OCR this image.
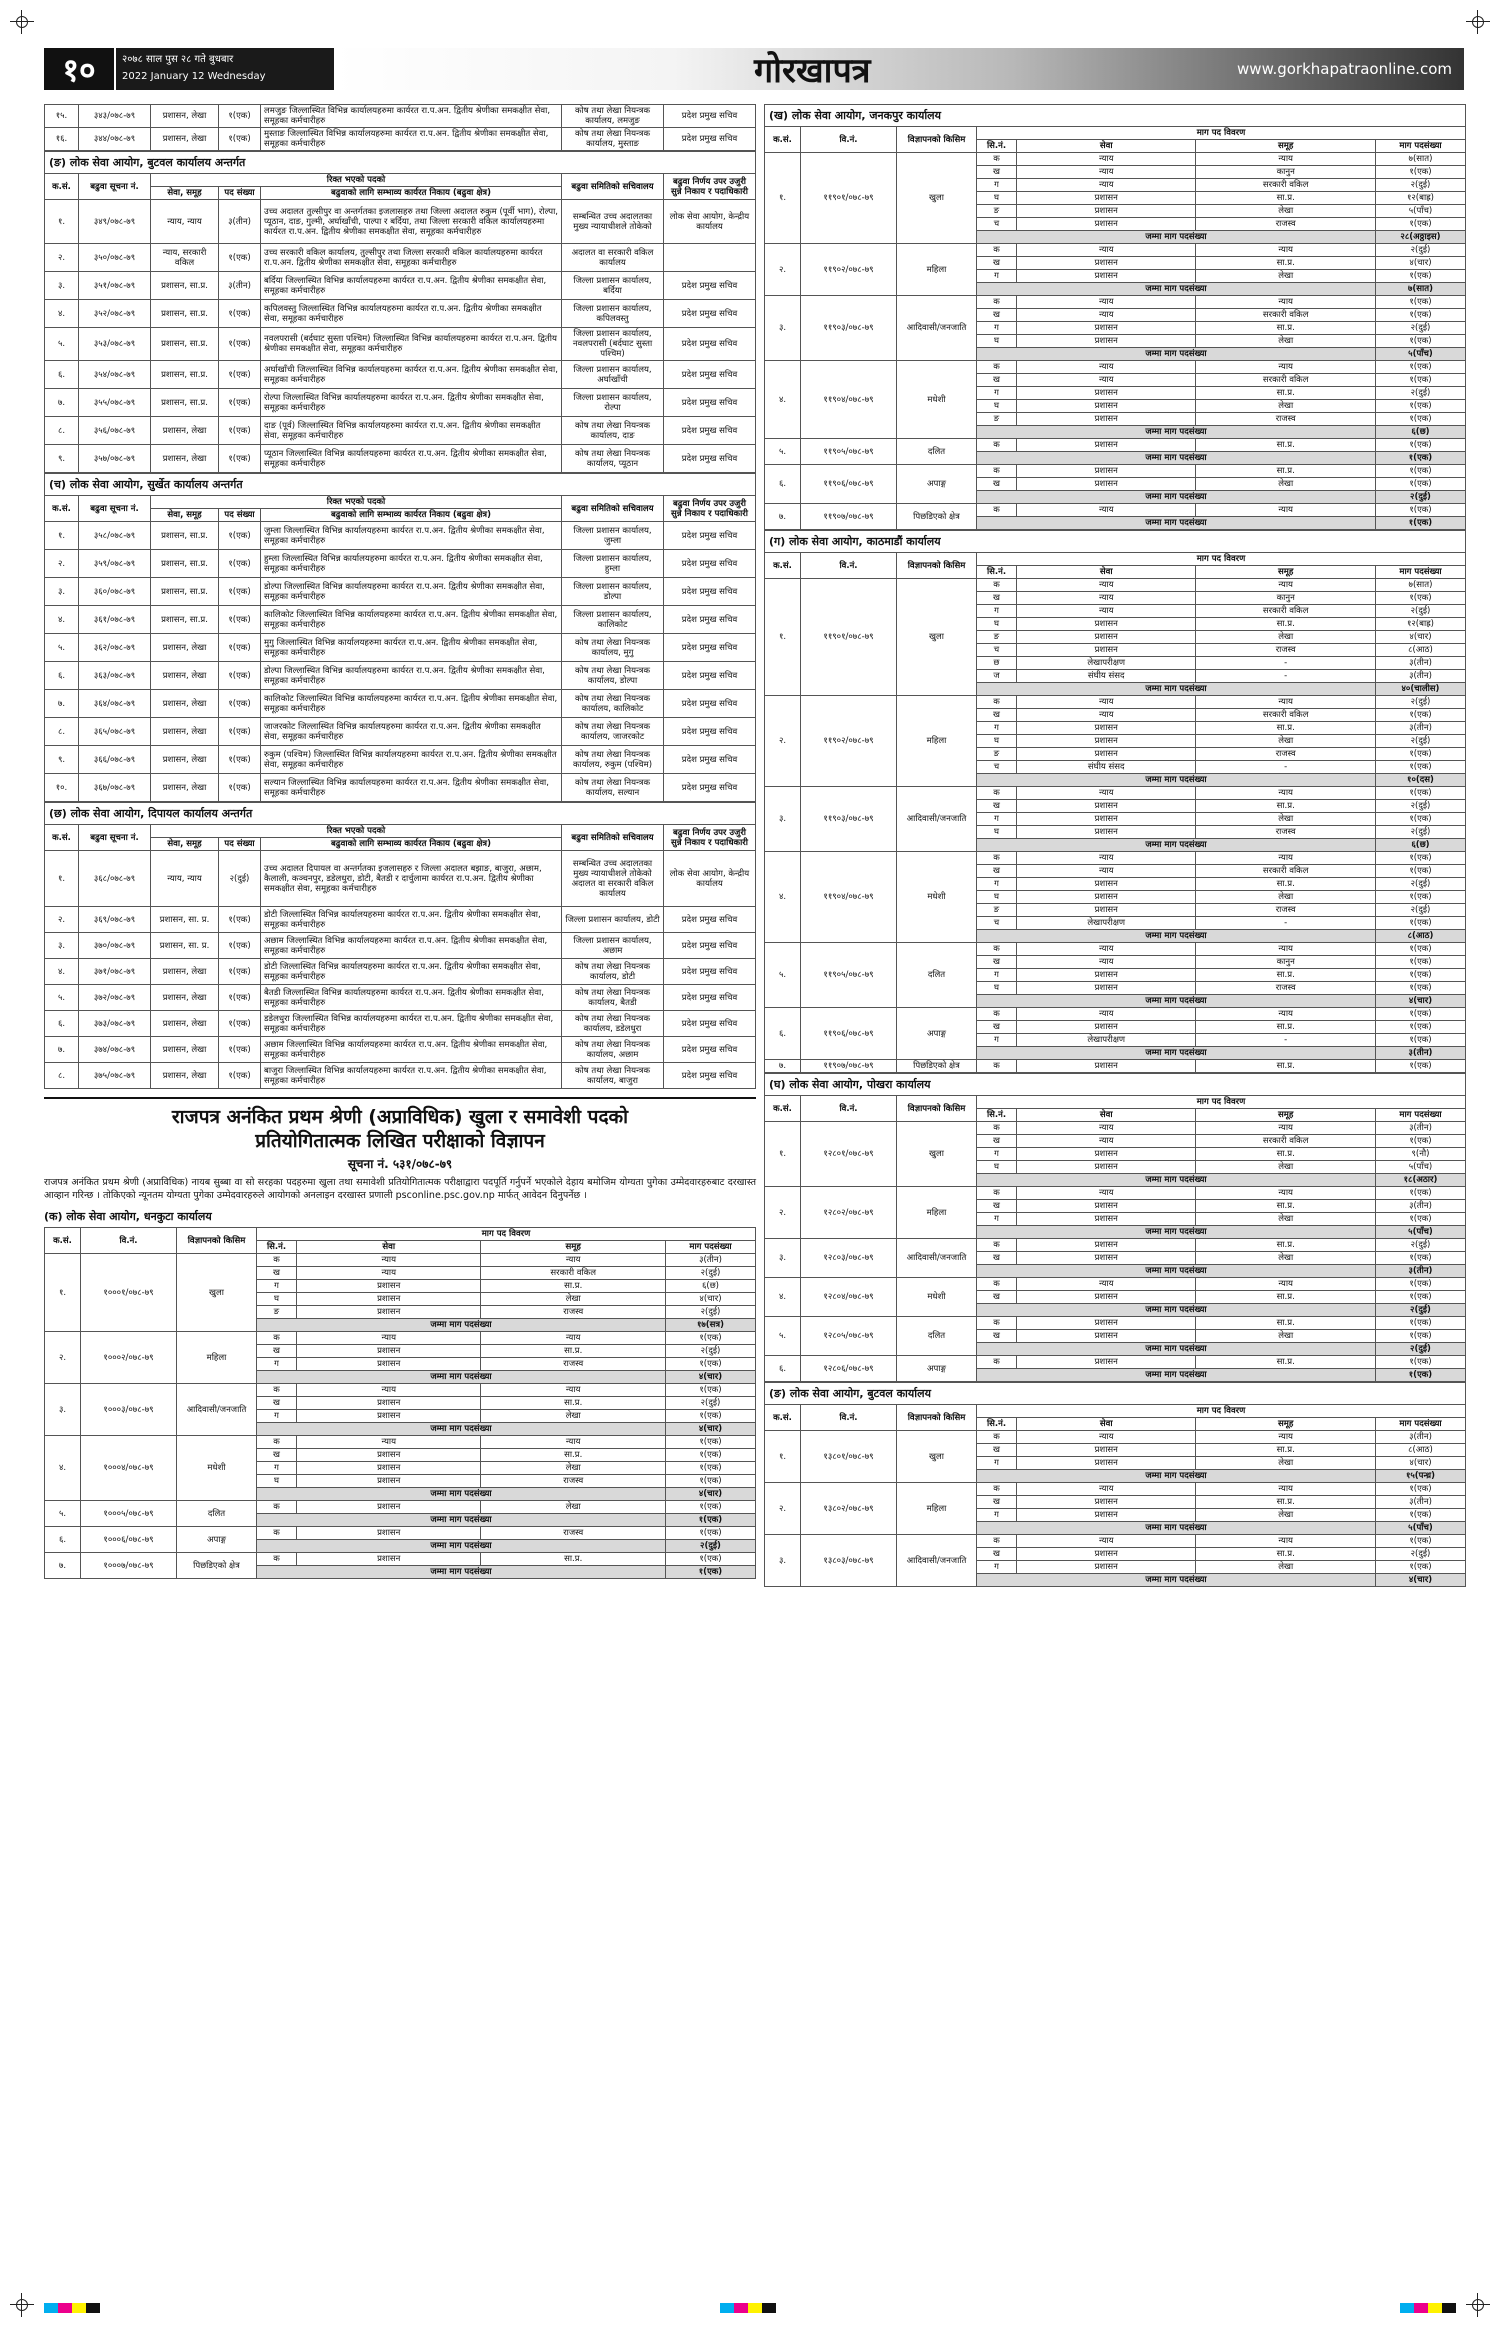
१०	२०७८ साल पुस २८ गते बुधबार
2022 January 12 Wednesday	गोरखापत्र	www.gorkhapatraonline.com
१५.	३४३/०७८-७९	प्रशासन, लेखा	१(एक)	लमजुङ जिल्लास्थित विभिन्न कार्यालयहरुमा कार्यरत रा.प.अन. द्वितीय श्रेणीका समकक्षीत सेवा, समूहका कर्मचारीहरु	कोष तथा लेखा नियन्त्रक कार्यालय, लमजुङ	प्रदेश प्रमुख सचिव
१६.	३४४/०७८-७९	प्रशासन, लेखा	१(एक)	मुस्ताङ जिल्लास्थित विभिन्न कार्यालयहरुमा कार्यरत रा.प.अन. द्वितीय श्रेणीका समकक्षीत सेवा, समूहका कर्मचारीहरु	कोष तथा लेखा नियन्त्रक कार्यालय, मुस्ताङ	प्रदेश प्रमुख सचिव
(ङ) लोक सेवा आयोग, बुटवल कार्यालय अन्तर्गत
क.सं.	बढुवा सूचना नं.	रिक्त भएको पदको			बढुवा समितिको सचिवालय	बढुवा निर्णय उपर उजुरी सुन्ने निकाय र पदाधिकारी
		सेवा, समूह	पद संख्या	बढुवाको लागि सम्भाव्य कार्यरत निकाय (बढुवा क्षेत्र)		
१.	३४९/०७८-७९	न्याय, न्याय	३(तीन)	उच्च अदालत तुल्सीपुर वा अन्तर्गतका इजलासहरु तथा जिल्ला अदालत रुकुम (पूर्वी भाग), रोल्पा, प्यूठान, दाङ, गुल्मी, अर्घाखाँची, पाल्पा र बर्दिया, तथा जिल्ला सरकारी वकिल कार्यालयहरुमा कार्यरत रा.प.अन. द्वितीय श्रेणीका समकक्षीत सेवा, समूहका कर्मचारीहरु	सम्बन्धित उच्च अदालतका मुख्य न्यायाधीशले तोकेको	लोक सेवा आयोग, केन्द्रीय कार्यालय
२.	३५०/०७८-७९	न्याय, सरकारी वकिल	१(एक)	उच्च सरकारी वकिल कार्यालय, तुल्सीपुर तथा जिल्ला सरकारी वकिल कार्यालयहरुमा कार्यरत रा.प.अन. द्वितीय श्रेणीका समकक्षीत सेवा, समूहका कर्मचारीहरु	अदालत वा सरकारी वकिल कार्यालय	
३.	३५१/०७८-७९	प्रशासन, सा.प्र.	३(तीन)	बर्दिया जिल्लास्थित विभिन्न कार्यालयहरुमा कार्यरत रा.प.अन. द्वितीय श्रेणीका समकक्षीत सेवा, समूहका कर्मचारीहरु	जिल्ला प्रशासन कार्यालय, बर्दिया	प्रदेश प्रमुख सचिव
४.	३५२/०७८-७९	प्रशासन, सा.प्र.	१(एक)	कपिलवस्तु जिल्लास्थित विभिन्न कार्यालयहरुमा कार्यरत रा.प.अन. द्वितीय श्रेणीका समकक्षीत सेवा, समूहका कर्मचारीहरु	जिल्ला प्रशासन कार्यालय, कपिलवस्तु	प्रदेश प्रमुख सचिव
५.	३५३/०७८-७९	प्रशासन, सा.प्र.	१(एक)	नवलपरासी (बर्दघाट सुस्ता पश्चिम) जिल्लास्थित विभिन्न कार्यालयहरुमा कार्यरत रा.प.अन. द्वितीय श्रेणीका समकक्षीत सेवा, समूहका कर्मचारीहरु	जिल्ला प्रशासन कार्यालय, नवलपरासी (बर्दघाट सुस्ता पश्चिम)	प्रदेश प्रमुख सचिव
६.	३५४/०७८-७९	प्रशासन, सा.प्र.	१(एक)	अर्घाखाँची जिल्लास्थित विभिन्न कार्यालयहरुमा कार्यरत रा.प.अन. द्वितीय श्रेणीका समकक्षीत सेवा, समूहका कर्मचारीहरु	जिल्ला प्रशासन कार्यालय, अर्घाखाँची	प्रदेश प्रमुख सचिव
७.	३५५/०७८-७९	प्रशासन, सा.प्र.	१(एक)	रोल्पा जिल्लास्थित विभिन्न कार्यालयहरुमा कार्यरत रा.प.अन. द्वितीय श्रेणीका समकक्षीत सेवा, समूहका कर्मचारीहरु	जिल्ला प्रशासन कार्यालय, रोल्पा	प्रदेश प्रमुख सचिव
८.	३५६/०७८-७९	प्रशासन, लेखा	१(एक)	दाङ (पूर्व) जिल्लास्थित विभिन्न कार्यालयहरुमा कार्यरत रा.प.अन. द्वितीय श्रेणीका समकक्षीत सेवा, समूहका कर्मचारीहरु	कोष तथा लेखा नियन्त्रक कार्यालय, दाङ	प्रदेश प्रमुख सचिव
९.	३५७/०७८-७९	प्रशासन, लेखा	१(एक)	प्यूठान जिल्लास्थित विभिन्न कार्यालयहरुमा कार्यरत रा.प.अन. द्वितीय श्रेणीका समकक्षीत सेवा, समूहका कर्मचारीहरु	कोष तथा लेखा नियन्त्रक कार्यालय, प्यूठान	प्रदेश प्रमुख सचिव
(च) लोक सेवा आयोग, सुर्खेत कार्यालय अन्तर्गत
क.सं.	बढुवा सूचना नं.	रिक्त भएको पदको			बढुवा समितिको सचिवालय	बढुवा निर्णय उपर उजुरी सुन्ने निकाय र पदाधिकारी
		सेवा, समूह	पद संख्या	बढुवाको लागि सम्भाव्य कार्यरत निकाय (बढुवा क्षेत्र)		
१.	३५८/०७८-७९	प्रशासन, सा.प्र.	१(एक)	जुम्ला जिल्लास्थित विभिन्न कार्यालयहरुमा कार्यरत रा.प.अन. द्वितीय श्रेणीका समकक्षीत सेवा, समूहका कर्मचारीहरु	जिल्ला प्रशासन कार्यालय, जुम्ला	प्रदेश प्रमुख सचिव
२.	३५९/०७८-७९	प्रशासन, सा.प्र.	१(एक)	हुम्ला जिल्लास्थित विभिन्न कार्यालयहरुमा कार्यरत रा.प.अन. द्वितीय श्रेणीका समकक्षीत सेवा, समूहका कर्मचारीहरु	जिल्ला प्रशासन कार्यालय, हुम्ला	प्रदेश प्रमुख सचिव
३.	३६०/०७८-७९	प्रशासन, सा.प्र.	१(एक)	डोल्पा जिल्लास्थित विभिन्न कार्यालयहरुमा कार्यरत रा.प.अन. द्वितीय श्रेणीका समकक्षीत सेवा, समूहका कर्मचारीहरु	जिल्ला प्रशासन कार्यालय, डोल्पा	प्रदेश प्रमुख सचिव
४.	३६१/०७८-७९	प्रशासन, सा.प्र.	१(एक)	कालिकोट जिल्लास्थित विभिन्न कार्यालयहरुमा कार्यरत रा.प.अन. द्वितीय श्रेणीका समकक्षीत सेवा, समूहका कर्मचारीहरु	जिल्ला प्रशासन कार्यालय, कालिकोट	प्रदेश प्रमुख सचिव
५.	३६२/०७८-७९	प्रशासन, लेखा	१(एक)	मुगु जिल्लास्थित विभिन्न कार्यालयहरुमा कार्यरत रा.प.अन. द्वितीय श्रेणीका समकक्षीत सेवा, समूहका कर्मचारीहरु	कोष तथा लेखा नियन्त्रक कार्यालय, मुगु	प्रदेश प्रमुख सचिव
६.	३६३/०७८-७९	प्रशासन, लेखा	१(एक)	डोल्पा जिल्लास्थित विभिन्न कार्यालयहरुमा कार्यरत रा.प.अन. द्वितीय श्रेणीका समकक्षीत सेवा, समूहका कर्मचारीहरु	कोष तथा लेखा नियन्त्रक कार्यालय, डोल्पा	प्रदेश प्रमुख सचिव
७.	३६४/०७८-७९	प्रशासन, लेखा	१(एक)	कालिकोट जिल्लास्थित विभिन्न कार्यालयहरुमा कार्यरत रा.प.अन. द्वितीय श्रेणीका समकक्षीत सेवा, समूहका कर्मचारीहरु	कोष तथा लेखा नियन्त्रक कार्यालय, कालिकोट	प्रदेश प्रमुख सचिव
८.	३६५/०७८-७९	प्रशासन, लेखा	१(एक)	जाजरकोट जिल्लास्थित विभिन्न कार्यालयहरुमा कार्यरत रा.प.अन. द्वितीय श्रेणीका समकक्षीत सेवा, समूहका कर्मचारीहरु	कोष तथा लेखा नियन्त्रक कार्यालय, जाजरकोट	प्रदेश प्रमुख सचिव
९.	३६६/०७८-७९	प्रशासन, लेखा	१(एक)	रुकुम (पश्चिम) जिल्लास्थित विभिन्न कार्यालयहरुमा कार्यरत रा.प.अन. द्वितीय श्रेणीका समकक्षीत सेवा, समूहका कर्मचारीहरु	कोष तथा लेखा नियन्त्रक कार्यालय, रुकुम (पश्चिम)	प्रदेश प्रमुख सचिव
१०.	३६७/०७८-७९	प्रशासन, लेखा	१(एक)	सल्यान जिल्लास्थित विभिन्न कार्यालयहरुमा कार्यरत रा.प.अन. द्वितीय श्रेणीका समकक्षीत सेवा, समूहका कर्मचारीहरु	कोष तथा लेखा नियन्त्रक कार्यालय, सल्यान	प्रदेश प्रमुख सचिव
(छ) लोक सेवा आयोग, दिपायल कार्यालय अन्तर्गत
क.सं.	बढुवा सूचना नं.	रिक्त भएको पदको			बढुवा समितिको सचिवालय	बढुवा निर्णय उपर उजुरी सुन्ने निकाय र पदाधिकारी
		सेवा, समूह	पद संख्या	बढुवाको लागि सम्भाव्य कार्यरत निकाय (बढुवा क्षेत्र)		
१.	३६८/०७८-७९	न्याय, न्याय	२(दुई)	उच्च अदालत दिपायल वा अन्तर्गतका इजलासहरु र जिल्ला अदालत बझाङ, बाजुरा, अछाम, कैलाली, कञ्चनपुर, डडेलधुरा, डोटी, बैतडी र दार्चुलामा कार्यरत रा.प.अन. द्वितीय श्रेणीका समकक्षीत सेवा, समूहका कर्मचारीहरु	सम्बन्धित उच्च अदालतका मुख्य न्यायाधीशले तोकेको अदालत वा सरकारी वकिल कार्यालय	लोक सेवा आयोग, केन्द्रीय कार्यालय
२.	३६९/०७८-७९	प्रशासन, सा. प्र.	१(एक)	डोटी जिल्लास्थित विभिन्न कार्यालयहरुमा कार्यरत रा.प.अन. द्वितीय श्रेणीका समकक्षीत सेवा, समूहका कर्मचारीहरु	जिल्ला प्रशासन कार्यालय, डोटी	प्रदेश प्रमुख सचिव
३.	३७०/०७८-७९	प्रशासन, सा. प्र.	१(एक)	अछाम जिल्लास्थित विभिन्न कार्यालयहरुमा कार्यरत रा.प.अन. द्वितीय श्रेणीका समकक्षीत सेवा, समूहका कर्मचारीहरु	जिल्ला प्रशासन कार्यालय, अछाम	प्रदेश प्रमुख सचिव
४.	३७१/०७८-७९	प्रशासन, लेखा	१(एक)	डोटी जिल्लास्थित विभिन्न कार्यालयहरुमा कार्यरत रा.प.अन. द्वितीय श्रेणीका समकक्षीत सेवा, समूहका कर्मचारीहरु	कोष तथा लेखा नियन्त्रक कार्यालय, डोटी	प्रदेश प्रमुख सचिव
५.	३७२/०७८-७९	प्रशासन, लेखा	१(एक)	बैतडी जिल्लास्थित विभिन्न कार्यालयहरुमा कार्यरत रा.प.अन. द्वितीय श्रेणीका समकक्षीत सेवा, समूहका कर्मचारीहरु	कोष तथा लेखा नियन्त्रक कार्यालय, बैतडी	प्रदेश प्रमुख सचिव
६.	३७३/०७८-७९	प्रशासन, लेखा	१(एक)	डडेलधुरा जिल्लास्थित विभिन्न कार्यालयहरुमा कार्यरत रा.प.अन. द्वितीय श्रेणीका समकक्षीत सेवा, समूहका कर्मचारीहरु	कोष तथा लेखा नियन्त्रक कार्यालय, डडेलधुरा	प्रदेश प्रमुख सचिव
७.	३७४/०७८-७९	प्रशासन, लेखा	१(एक)	अछाम जिल्लास्थित विभिन्न कार्यालयहरुमा कार्यरत रा.प.अन. द्वितीय श्रेणीका समकक्षीत सेवा, समूहका कर्मचारीहरु	कोष तथा लेखा नियन्त्रक कार्यालय, अछाम	प्रदेश प्रमुख सचिव
८.	३७५/०७८-७९	प्रशासन, लेखा	१(एक)	बाजुरा जिल्लास्थित विभिन्न कार्यालयहरुमा कार्यरत रा.प.अन. द्वितीय श्रेणीका समकक्षीत सेवा, समूहका कर्मचारीहरु	कोष तथा लेखा नियन्त्रक कार्यालय, बाजुरा	प्रदेश प्रमुख सचिव
राजपत्र अनंकित प्रथम श्रेणी (अप्राविधिक) खुला र समावेशी पदको
प्रतियोगितात्मक लिखित परीक्षाको विज्ञापन
सूचना नं. ५३१/०७८-७९
राजपत्र अनंकित प्रथम श्रेणी (अप्राविधिक) नायब सुब्बा वा सो सरहका पदहरुमा खुला तथा समावेशी प्रतियोगितात्मक परीक्षाद्वारा पदपूर्ति गर्नुपर्ने भएकोले देहाय बमोजिम योग्यता पुगेका उम्मेदवारहरुबाट दरखास्त आव्हान गरिन्छ । तोकिएको न्यूनतम योग्यता पुगेका उम्मेदवारहरुले आयोगको अनलाइन दरखास्त प्रणाली psconline.psc.gov.np मार्फत् आवेदन दिनुपर्नेछ ।
(क) लोक सेवा आयोग, धनकुटा कार्यालय
क.सं.	वि.नं.	विज्ञापनको किसिम	माग पद विवरण			
			सि.नं.	सेवा	समूह	माग पदसंख्या
१.	१०००१/०७८-७९	खुला	क	न्याय	न्याय	३(तीन)
			ख	न्याय	सरकारी वकिल	२(दुई)
			ग	प्रशासन	सा.प्र.	६(छ)
			घ	प्रशासन	लेखा	४(चार)
			ङ	प्रशासन	राजस्व	२(दुई)
			जम्मा माग पदसंख्या			१७(सत्र)
२.	१०००२/०७८-७९	महिला	क	न्याय	न्याय	१(एक)
			ख	प्रशासन	सा.प्र.	२(दुई)
			ग	प्रशासन	राजस्व	१(एक)
			जम्मा माग पदसंख्या			४(चार)
३.	१०००३/०७८-७९	आदिवासी/जनजाति	क	न्याय	न्याय	१(एक)
			ख	प्रशासन	सा.प्र.	२(दुई)
			ग	प्रशासन	लेखा	१(एक)
			जम्मा माग पदसंख्या			४(चार)
४.	१०००४/०७८-७९	मधेशी	क	न्याय	न्याय	१(एक)
			ख	प्रशासन	सा.प्र.	१(एक)
			ग	प्रशासन	लेखा	१(एक)
			घ	प्रशासन	राजस्व	१(एक)
			जम्मा माग पदसंख्या			४(चार)
५.	१०००५/०७८-७९	दलित	क	प्रशासन	लेखा	१(एक)
			जम्मा माग पदसंख्या			१(एक)
६.	१०००६/०७८-७९	अपाङ्ग	क	प्रशासन	राजस्व	१(एक)
			जम्मा माग पदसंख्या			२(दुई)
७.	१०००७/०७८-७९	पिछडिएको क्षेत्र	क	प्रशासन	सा.प्र.	१(एक)
			जम्मा माग पदसंख्या			१(एक)
(ख) लोक सेवा आयोग, जनकपुर कार्यालय
क.सं.	वि.नं.	विज्ञापनको किसिम	माग पद विवरण			
			सि.नं.	सेवा	समूह	माग पदसंख्या
१.	११९०१/०७८-७९	खुला	क	न्याय	न्याय	७(सात)
			ख	न्याय	कानुन	१(एक)
			ग	न्याय	सरकारी वकिल	२(दुई)
			घ	प्रशासन	सा.प्र.	१२(बाह्र)
			ङ	प्रशासन	लेखा	५(पाँच)
			च	प्रशासन	राजस्व	१(एक)
			जम्मा माग पदसंख्या			२८(अठ्ठाइस)
२.	११९०२/०७८-७९	महिला	क	न्याय	न्याय	२(दुई)
			ख	प्रशासन	सा.प्र.	४(चार)
			ग	प्रशासन	लेखा	१(एक)
			जम्मा माग पदसंख्या			७(सात)
३.	११९०३/०७८-७९	आदिवासी/जनजाति	क	न्याय	न्याय	१(एक)
			ख	न्याय	सरकारी वकिल	१(एक)
			ग	प्रशासन	सा.प्र.	२(दुई)
			घ	प्रशासन	लेखा	१(एक)
			जम्मा माग पदसंख्या			५(पाँच)
४.	११९०४/०७८-७९	मधेशी	क	न्याय	न्याय	१(एक)
			ख	न्याय	सरकारी वकिल	१(एक)
			ग	प्रशासन	सा.प्र.	२(दुई)
			घ	प्रशासन	लेखा	१(एक)
			ङ	प्रशासन	राजस्व	१(एक)
			जम्मा माग पदसंख्या			६(छ)
५.	११९०५/०७८-७९	दलित	क	प्रशासन	सा.प्र.	१(एक)
			जम्मा माग पदसंख्या			१(एक)
६.	११९०६/०७८-७९	अपाङ्ग	क	प्रशासन	सा.प्र.	१(एक)
			ख	प्रशासन	लेखा	१(एक)
			जम्मा माग पदसंख्या			२(दुई)
७.	११९०७/०७८-७९	पिछडिएको क्षेत्र	क	न्याय	न्याय	१(एक)
			जम्मा माग पदसंख्या			१(एक)
(ग) लोक सेवा आयोग, काठमाडौं कार्यालय
क.सं.	वि.नं.	विज्ञापनको किसिम	माग पद विवरण			
			सि.नं.	सेवा	समूह	माग पदसंख्या
१.	११९०१/०७८-७९	खुला	क	न्याय	न्याय	७(सात)
			ख	न्याय	कानुन	१(एक)
			ग	न्याय	सरकारी वकिल	२(दुई)
			घ	प्रशासन	सा.प्र.	१२(बाह्र)
			ङ	प्रशासन	लेखा	४(चार)
			च	प्रशासन	राजस्व	८(आठ)
			छ	लेखापरीक्षण	-	३(तीन)
			ज	संघीय संसद	-	३(तीन)
			जम्मा माग पदसंख्या			४०(चालीस)
२.	११९०२/०७८-७९	महिला	क	न्याय	न्याय	२(दुई)
			ख	न्याय	सरकारी वकिल	१(एक)
			ग	प्रशासन	सा.प्र.	३(तीन)
			घ	प्रशासन	लेखा	२(दुई)
			ङ	प्रशासन	राजस्व	१(एक)
			च	संघीय संसद	-	१(एक)
			जम्मा माग पदसंख्या			१०(दस)
३.	११९०३/०७८-७९	आदिवासी/जनजाति	क	न्याय	न्याय	१(एक)
			ख	प्रशासन	सा.प्र.	२(दुई)
			ग	प्रशासन	लेखा	१(एक)
			घ	प्रशासन	राजस्व	२(दुई)
			जम्मा माग पदसंख्या			६(छ)
४.	११९०४/०७८-७९	मधेशी	क	न्याय	न्याय	१(एक)
			ख	न्याय	सरकारी वकिल	१(एक)
			ग	प्रशासन	सा.प्र.	२(दुई)
			घ	प्रशासन	लेखा	१(एक)
			ङ	प्रशासन	राजस्व	२(दुई)
			च	लेखापरीक्षण	-	१(एक)
			जम्मा माग पदसंख्या			८(आठ)
५.	११९०५/०७८-७९	दलित	क	न्याय	न्याय	१(एक)
			ख	न्याय	कानुन	१(एक)
			ग	प्रशासन	सा.प्र.	१(एक)
			घ	प्रशासन	राजस्व	१(एक)
			जम्मा माग पदसंख्या			४(चार)
६.	११९०६/०७८-७९	अपाङ्ग	क	न्याय	न्याय	१(एक)
			ख	प्रशासन	सा.प्र.	१(एक)
			ग	लेखापरीक्षण	-	१(एक)
			जम्मा माग पदसंख्या			३(तीन)
७.	११९०७/०७८-७९	पिछडिएको क्षेत्र	क	प्रशासन	सा.प्र.	१(एक)
(घ) लोक सेवा आयोग, पोखरा कार्यालय
क.सं.	वि.नं.	विज्ञापनको किसिम	माग पद विवरण			
			सि.नं.	सेवा	समूह	माग पदसंख्या
१.	१२८०१/०७८-७९	खुला	क	न्याय	न्याय	३(तीन)
			ख	न्याय	सरकारी वकिल	१(एक)
			ग	प्रशासन	सा.प्र.	९(नौ)
			घ	प्रशासन	लेखा	५(पाँच)
			जम्मा माग पदसंख्या			१८(अठार)
२.	१२८०२/०७८-७९	महिला	क	न्याय	न्याय	१(एक)
			ख	प्रशासन	सा.प्र.	३(तीन)
			ग	प्रशासन	लेखा	१(एक)
			जम्मा माग पदसंख्या			५(पाँच)
३.	१२८०३/०७८-७९	आदिवासी/जनजाति	क	प्रशासन	सा.प्र.	२(दुई)
			ख	प्रशासन	लेखा	१(एक)
			जम्मा माग पदसंख्या			३(तीन)
४.	१२८०४/०७८-७९	मधेशी	क	न्याय	न्याय	१(एक)
			ख	प्रशासन	सा.प्र.	१(एक)
			जम्मा माग पदसंख्या			२(दुई)
५.	१२८०५/०७८-७९	दलित	क	प्रशासन	सा.प्र.	१(एक)
			ख	प्रशासन	लेखा	१(एक)
			जम्मा माग पदसंख्या			२(दुई)
६.	१२८०६/०७८-७९	अपाङ्ग	क	प्रशासन	सा.प्र.	१(एक)
			जम्मा माग पदसंख्या			१(एक)
(ङ) लोक सेवा आयोग, बुटवल कार्यालय
क.सं.	वि.नं.	विज्ञापनको किसिम	माग पद विवरण			
			सि.नं.	सेवा	समूह	माग पदसंख्या
१.	१३८०१/०७८-७९	खुला	क	न्याय	न्याय	३(तीन)
			ख	प्रशासन	सा.प्र.	८(आठ)
			ग	प्रशासन	लेखा	४(चार)
			जम्मा माग पदसंख्या			१५(पन्ध्र)
२.	१३८०२/०७८-७९	महिला	क	न्याय	न्याय	१(एक)
			ख	प्रशासन	सा.प्र.	३(तीन)
			ग	प्रशासन	लेखा	१(एक)
			जम्मा माग पदसंख्या			५(पाँच)
३.	१३८०३/०७८-७९	आदिवासी/जनजाति	क	न्याय	न्याय	१(एक)
			ख	प्रशासन	सा.प्र.	२(दुई)
			ग	प्रशासन	लेखा	१(एक)
			जम्मा माग पदसंख्या			४(चार)
